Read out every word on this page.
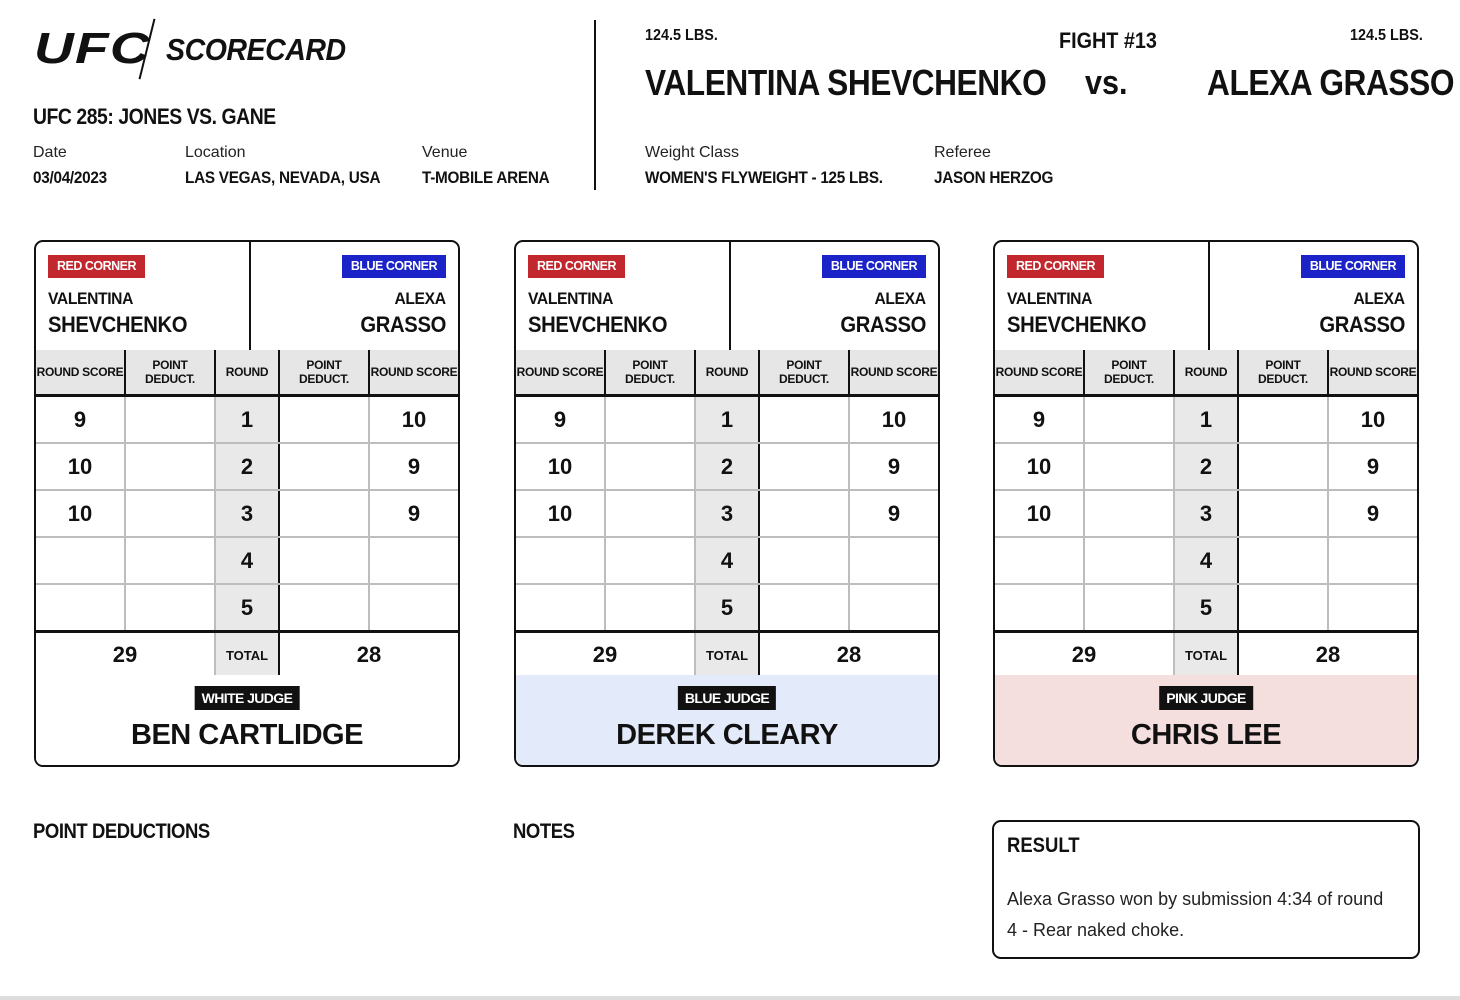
UFC SCORECARD
UFC 285: JONES VS. GANE
Date
03/04/2023
Location
LAS VEGAS, NEVADA, USA
Venue
T-MOBILE ARENA
124.5 LBS.	124.5 LBS.
VALENTINA SHEVCHENKO
FIGHT #13
vs. ALEXA GRASSO
Weight Class
WOMEN'S FLYWEIGHT - 125 LBS.
Referee
JASON HERZOG
RED CORNER	BLUE CORNER
VALENTINA
SHEVCHENKO
ALEXA
GRASSO
ROUND SCORE	POINT DEDUCT.	ROUND	POINT DEDUCT.	ROUND SCORE
9		1		10
10		2		9
10		3		9
		4		
		5		
29		TOTAL	28	
WHITE JUDGE
BEN CARTLIDGE
RED CORNER	BLUE CORNER
VALENTINA
SHEVCHENKO
ALEXA
GRASSO
ROUND SCORE	POINT DEDUCT.	ROUND	POINT DEDUCT.	ROUND SCORE
9		1		10
10		2		9
10		3		9
		4		
		5		
29		TOTAL	28	
BLUE JUDGE
DEREK CLEARY
RED CORNER	BLUE CORNER
VALENTINA
SHEVCHENKO
ALEXA
GRASSO
ROUND SCORE	POINT DEDUCT.	ROUND	POINT DEDUCT.	ROUND SCORE
9		1		10
10		2		9
10		3		9
		4		
		5		
29		TOTAL	28	
PINK JUDGE
CHRIS LEE
POINT DEDUCTIONS	NOTES
RESULT
Alexa Grasso won by submission 4:34 of round 4 - Rear naked choke.
